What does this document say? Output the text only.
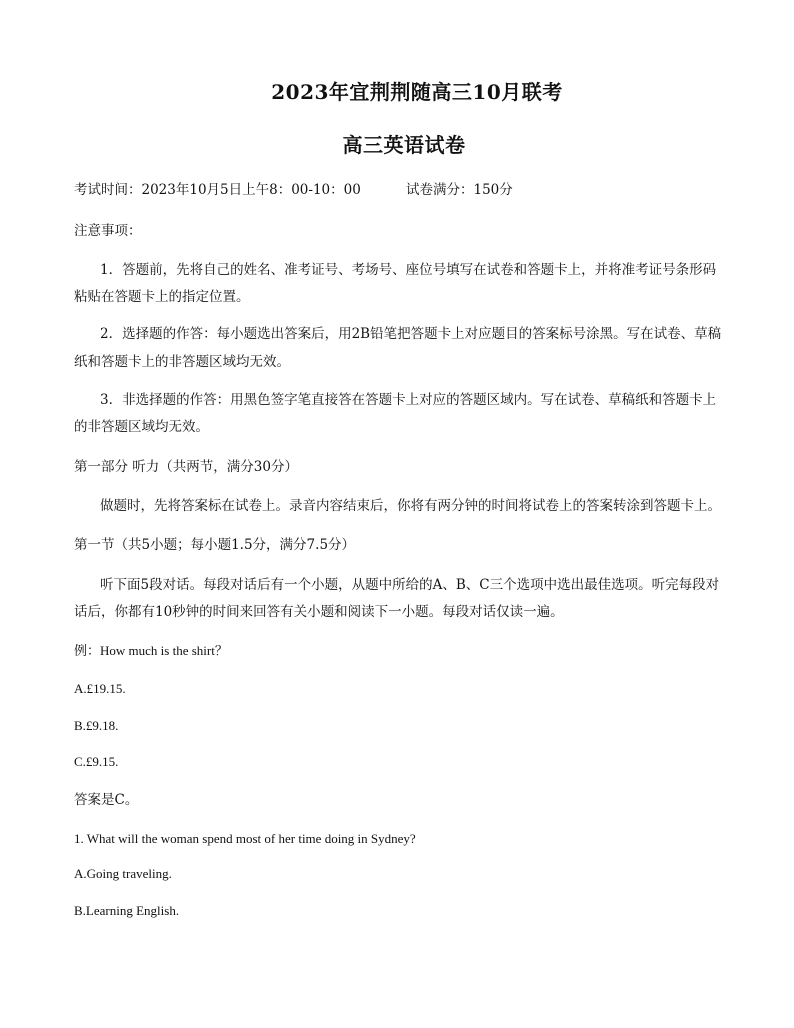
2023年宜荆荆随高三10月联考
高三英语试卷
考试时间：2023年10月5日上午8：00-10：00	试卷满分：150分
注意事项：
1．答题前，先将自己的姓名、准考证号、考场号、座位号填写在试卷和答题卡上，并将准考证号条形码
粘贴在答题卡上的指定位置。
2．选择题的作答：每小题选出答案后，用2B铅笔把答题卡上对应题目的答案标号涂黑。写在试卷、草稿
纸和答题卡上的非答题区域均无效。
3．非选择题的作答：用黑色签字笔直接答在答题卡上对应的答题区域内。写在试卷、草稿纸和答题卡上
的非答题区域均无效。
第一部分 听力（共两节，满分30分）
做题时，先将答案标在试卷上。录音内容结束后，你将有两分钟的时间将试卷上的答案转涂到答题卡上。
第一节（共5小题；每小题1.5分，满分7.5分）
听下面5段对话。每段对话后有一个小题，从题中所给的A、B、C三个选项中选出最佳选项。听完每段对
话后，你都有10秒钟的时间来回答有关小题和阅读下一小题。每段对话仅读一遍。
例：How much is the shirt？
A.£19.15.
B.£9.18.
C.£9.15.
答案是C。
1. What will the woman spend most of her time doing in Sydney?
A.Going traveling.
B.Learning English.
